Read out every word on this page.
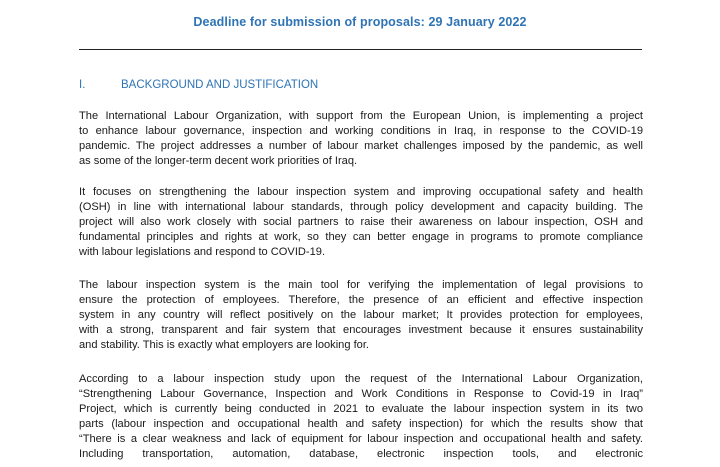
Deadline for submission of proposals: 29 January 2022
I.	BACKGROUND AND JUSTIFICATION

The International Labour Organization, with support from the European Union, is implementing a project
to enhance labour governance, inspection and working conditions in Iraq, in response to the COVID-19
pandemic. The project addresses a number of labour market challenges imposed by the pandemic, as well
as some of the longer-term decent work priorities of Iraq.

It focuses on strengthening the labour inspection system and improving occupational safety and health
(OSH) in line with international labour standards, through policy development and capacity building. The
project will also work closely with social partners to raise their awareness on labour inspection, OSH and
fundamental principles and rights at work, so they can better engage in programs to promote compliance
with labour legislations and respond to COVID-19.

The labour inspection system is the main tool for verifying the implementation of legal provisions to
ensure the protection of employees. Therefore, the presence of an efficient and effective inspection
system in any country will reflect positively on the labour market; It provides protection for employees,
with a strong, transparent and fair system that encourages investment because it ensures sustainability
and stability. This is exactly what employers are looking for.

According to a labour inspection study upon the request of the International Labour Organization,
“Strengthening Labour Governance, Inspection and Work Conditions in Response to Covid-19 in Iraq”
Project, which is currently being conducted in 2021 to evaluate the labour inspection system in its two
parts (labour inspection and occupational health and safety inspection) for which the results show that
“There is a clear weakness and lack of equipment for labour inspection and occupational health and safety.
Including transportation, automation, database, electronic inspection tools, and electronic
